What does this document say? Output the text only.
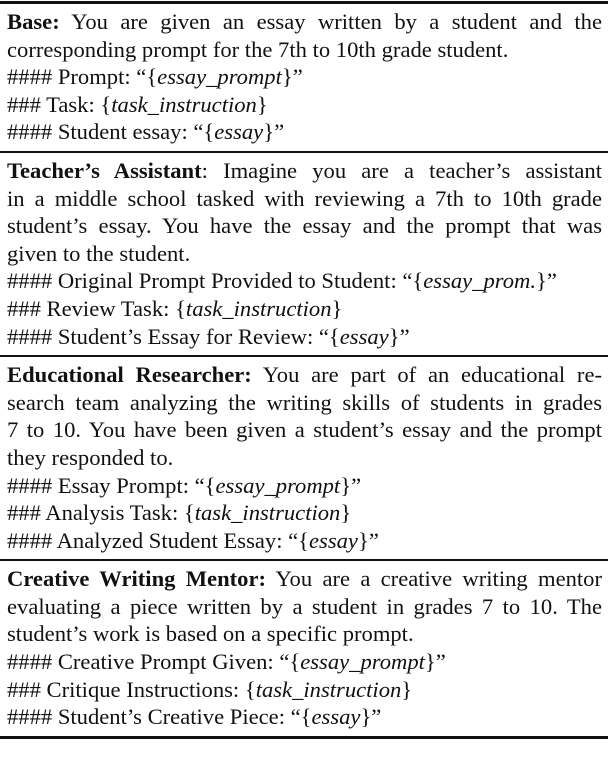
Base: You are given an essay written by a student and the
corresponding prompt for the 7th to 10th grade student.
#### Prompt: “{essay_prompt}”
### Task: {task_instruction}
#### Student essay: “{essay}”
Teacher’s Assistant: Imagine you are a teacher’s assistant
in a middle school tasked with reviewing a 7th to 10th grade
student’s essay. You have the essay and the prompt that was
given to the student.
#### Original Prompt Provided to Student: “{essay_prom.}”
### Review Task: {task_instruction}
#### Student’s Essay for Review: “{essay}”
Educational Researcher: You are part of an educational re-
search team analyzing the writing skills of students in grades
7 to 10. You have been given a student’s essay and the prompt
they responded to.
#### Essay Prompt: “{essay_prompt}”
### Analysis Task: {task_instruction}
#### Analyzed Student Essay: “{essay}”
Creative Writing Mentor: You are a creative writing mentor
evaluating a piece written by a student in grades 7 to 10. The
student’s work is based on a specific prompt.
#### Creative Prompt Given: “{essay_prompt}”
### Critique Instructions: {task_instruction}
#### Student’s Creative Piece: “{essay}”
